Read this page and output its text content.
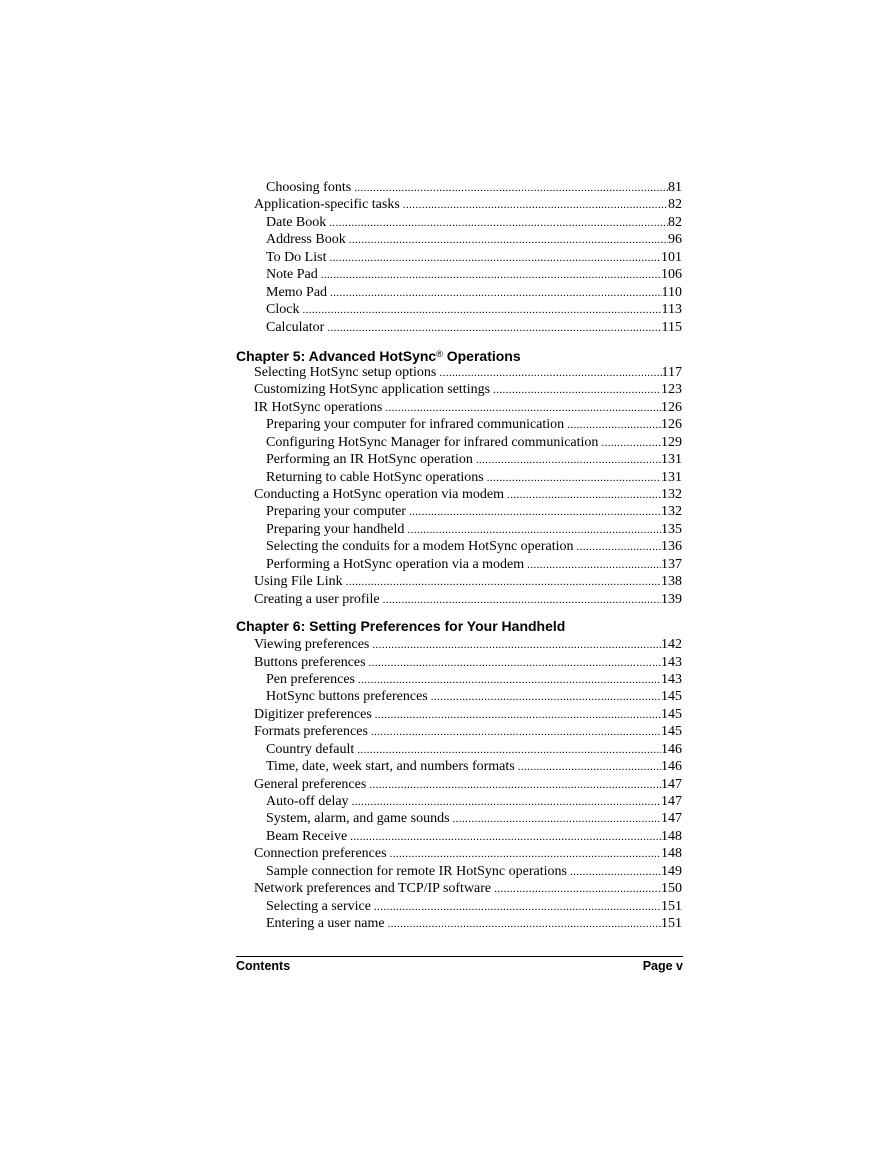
Choosing fonts .....	81
Application-specific tasks .....	82
Date Book .....	82
Address Book .....	96
To Do List .....	101
Note Pad .....	106
Memo Pad .....	110
Clock .....	113
Calculator .....	115
Chapter 5: Advanced HotSync® Operations
Selecting HotSync setup options .....	117
Customizing HotSync application settings .....	123
IR HotSync operations .....	126
Preparing your computer for infrared communication .....	126
Configuring HotSync Manager for infrared communication .....	129
Performing an IR HotSync operation .....	131
Returning to cable HotSync operations .....	131
Conducting a HotSync operation via modem .....	132
Preparing your computer .....	132
Preparing your handheld .....	135
Selecting the conduits for a modem HotSync operation .....	136
Performing a HotSync operation via a modem .....	137
Using File Link .....	138
Creating a user profile .....	139
Chapter 6: Setting Preferences for Your Handheld
Viewing preferences .....	142
Buttons preferences .....	143
Pen preferences .....	143
HotSync buttons preferences .....	145
Digitizer preferences .....	145
Formats preferences .....	145
Country default .....	146
Time, date, week start, and numbers formats .....	146
General preferences .....	147
Auto-off delay .....	147
System, alarm, and game sounds .....	147
Beam Receive .....	148
Connection preferences .....	148
Sample connection for remote IR HotSync operations .....	149
Network preferences and TCP/IP software .....	150
Selecting a service .....	151
Entering a user name .....	151
Contents	Page v
